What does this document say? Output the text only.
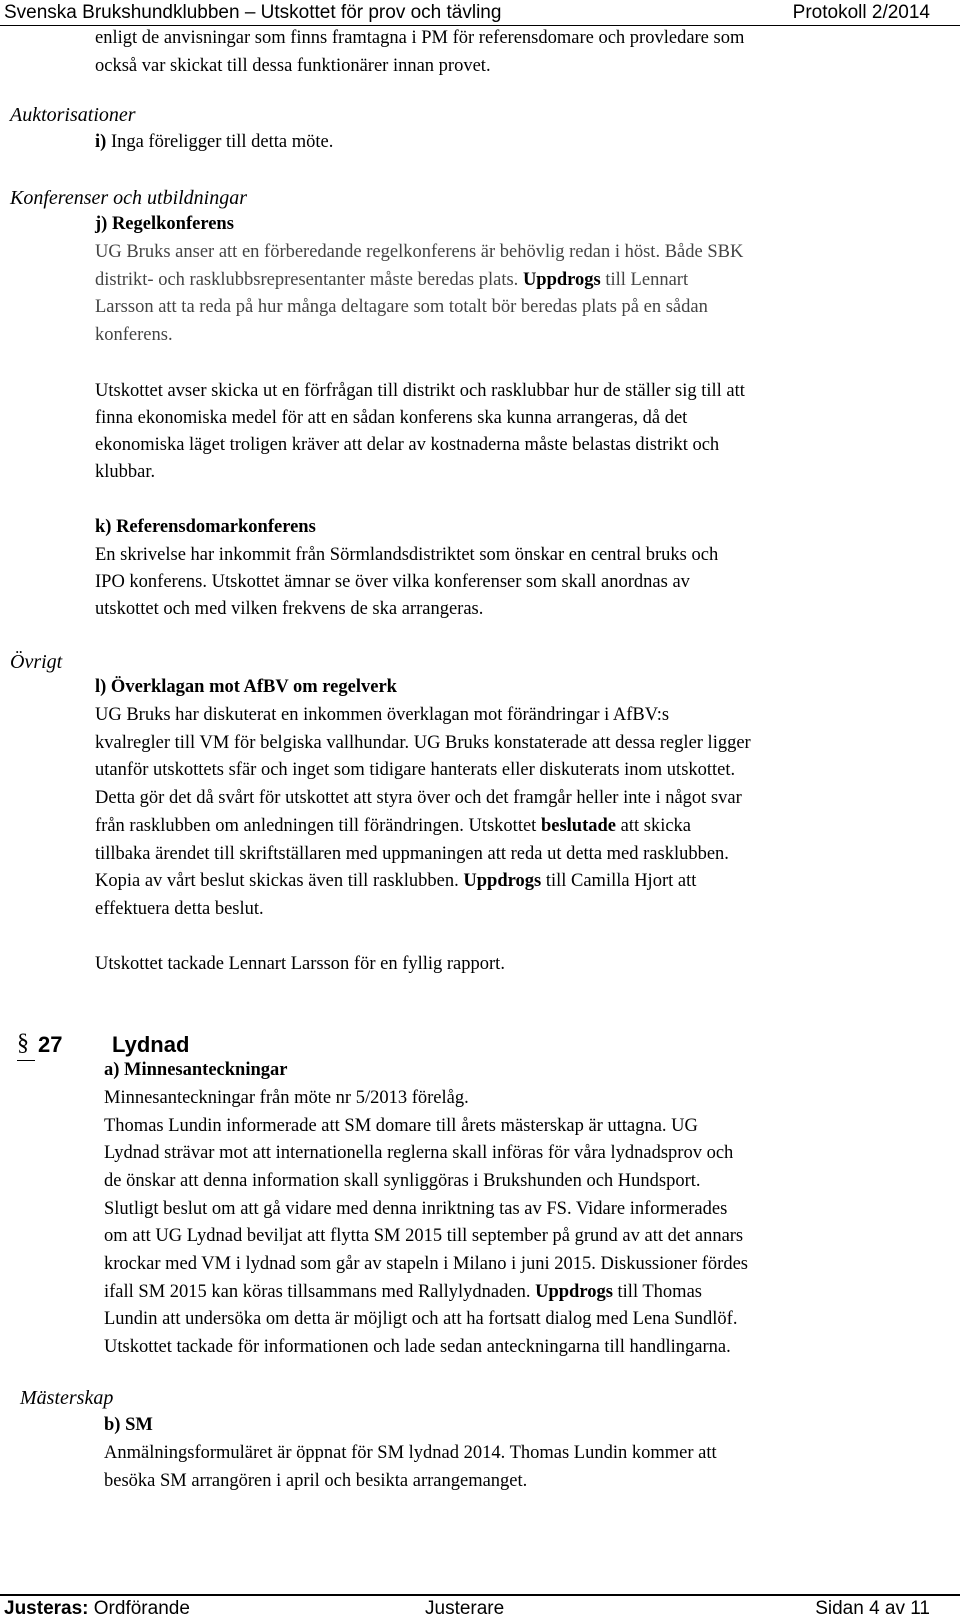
Svenska Brukshundklubben – Utskottet för prov och tävling	Protokoll 2/2014
enligt de anvisningar som finns framtagna i PM för referensdomare och provledare som
också var skickat till dessa funktionärer innan provet.
Auktorisationer
i) Inga föreligger till detta möte.
Konferenser och utbildningar
j) Regelkonferens
UG Bruks anser att en förberedande regelkonferens är behövlig redan i höst. Både SBK
distrikt- och rasklubbsrepresentanter måste beredas plats. Uppdrogs till Lennart
Larsson att ta reda på hur många deltagare som totalt bör beredas plats på en sådan
konferens.
Utskottet avser skicka ut en förfrågan till distrikt och rasklubbar hur de ställer sig till att
finna ekonomiska medel för att en sådan konferens ska kunna arrangeras, då det
ekonomiska läget troligen kräver att delar av kostnaderna måste belastas distrikt och
klubbar.
k) Referensdomarkonferens
En skrivelse har inkommit från Sörmlandsdistriktet som önskar en central bruks och
IPO konferens. Utskottet ämnar se över vilka konferenser som skall anordnas av
utskottet och med vilken frekvens de ska arrangeras.
Övrigt
l) Överklagan mot AfBV om regelverk
UG Bruks har diskuterat en inkommen överklagan mot förändringar i AfBV:s
kvalregler till VM för belgiska vallhundar. UG Bruks konstaterade att dessa regler ligger
utanför utskottets sfär och inget som tidigare hanterats eller diskuterats inom utskottet.
Detta gör det då svårt för utskottet att styra över och det framgår heller inte i något svar
från rasklubben om anledningen till förändringen. Utskottet beslutade att skicka
tillbaka ärendet till skriftställaren med uppmaningen att reda ut detta med rasklubben.
Kopia av vårt beslut skickas även till rasklubben. Uppdrogs till Camilla Hjort att
effektuera detta beslut.
Utskottet tackade Lennart Larsson för en fyllig rapport.
§ 27 Lydnad
a) Minnesanteckningar
Minnesanteckningar från möte nr 5/2013 förelåg.
Thomas Lundin informerade att SM domare till årets mästerskap är uttagna. UG
Lydnad strävar mot att internationella reglerna skall införas för våra lydnadsprov och
de önskar att denna information skall synliggöras i Brukshunden och Hundsport.
Slutligt beslut om att gå vidare med denna inriktning tas av FS. Vidare informerades
om att UG Lydnad beviljat att flytta SM 2015 till september på grund av att det annars
krockar med VM i lydnad som går av stapeln i Milano i juni 2015. Diskussioner fördes
ifall SM 2015 kan köras tillsammans med Rallylydnaden. Uppdrogs till Thomas
Lundin att undersöka om detta är möjligt och att ha fortsatt dialog med Lena Sundlöf.
Utskottet tackade för informationen och lade sedan anteckningarna till handlingarna.
Mästerskap
b) SM
Anmälningsformuläret är öppnat för SM lydnad 2014. Thomas Lundin kommer att
besöka SM arrangören i april och besikta arrangemanget.
Justeras: Ordförande	Justerare	Sidan 4 av 11
